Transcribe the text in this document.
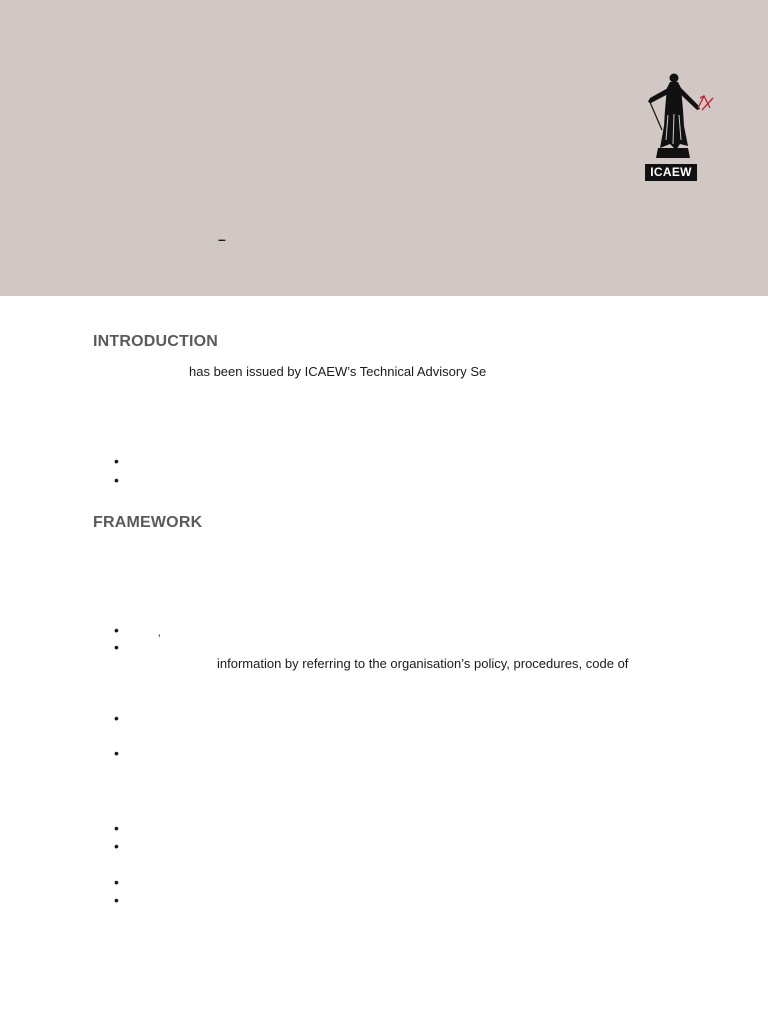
–
ICAEW
INTRODUCTION
has been issued by ICAEW’s Technical Advisory Se
•
•
FRAMEWORK
•
’
•
information by referring to the organisation’s policy, procedures, code of
•
•
•
•
•
•
